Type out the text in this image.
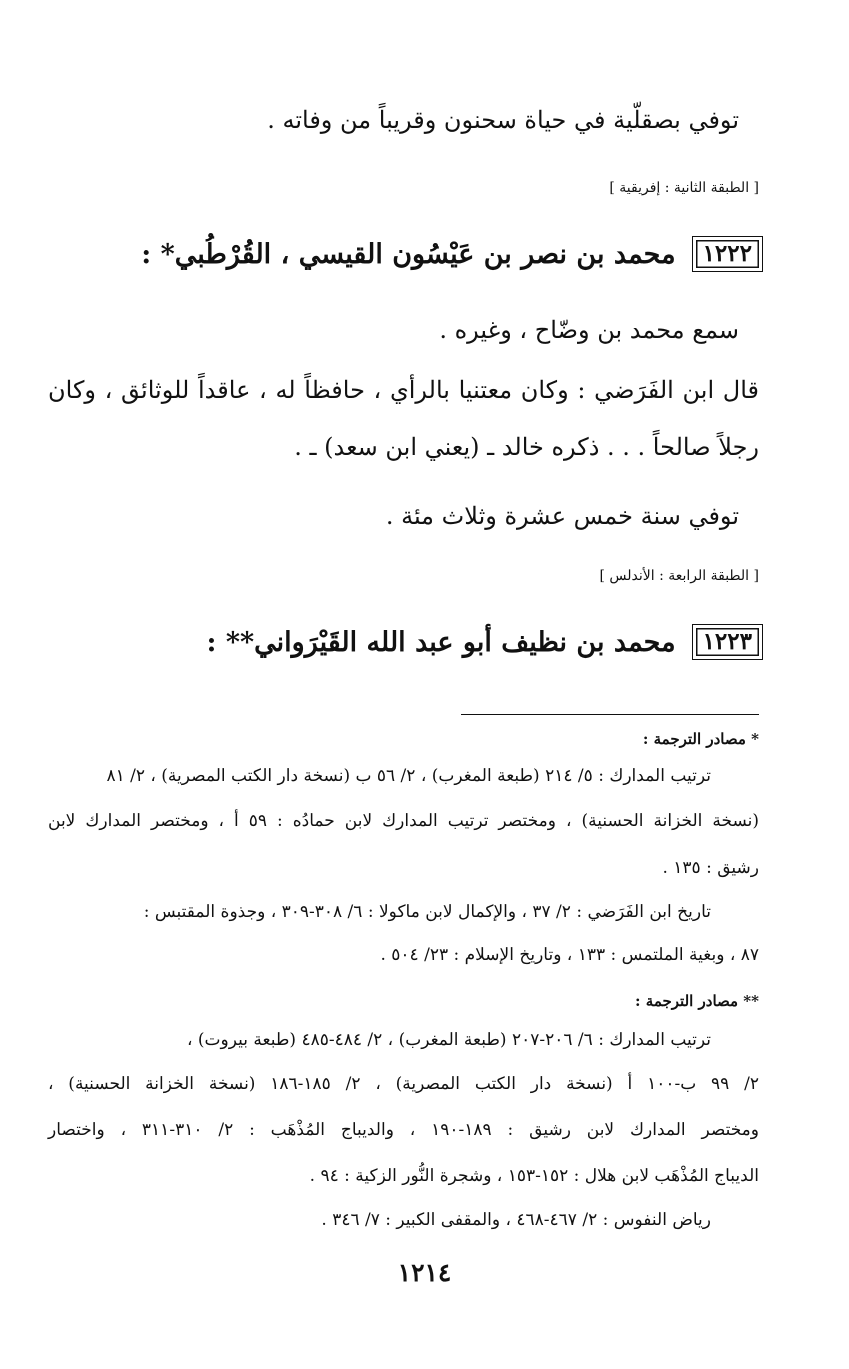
توفي بصقلّية في حياة سحنون وقريباً من وفاته .
[ الطبقة الثانية : إفريقية ]
١٢٢٢
محمد بن نصر بن عَيْسُون القيسي ، القُرْطُبي* :
سمع محمد بن وضّاح ، وغيره .
قال ابن الفَرَضي : وكان معتنيا بالرأي ، حافظاً له ، عاقداً للوثائق ، وكان
رجلاً صالحاً . . . ذكره خالد ـ (يعني ابن سعد) ـ .
توفي سنة خمس عشرة وثلاث مئة .
[ الطبقة الرابعة : الأندلس ]
١٢٢٣
محمد بن نظيف أبو عبد الله القَيْرَواني** :
* مصادر الترجمة :
ترتيب المدارك : ٥/ ٢١٤ (طبعة المغرب) ، ٢/ ٥٦ ب (نسخة دار الكتب المصرية) ، ٢/ ٨١
(نسخة الخزانة الحسنية) ، ومختصر ترتيب المدارك لابن حمادُه : ٥٩ أ ، ومختصر المدارك لابن
رشيق : ١٣٥ .
تاريخ ابن الفَرَضي : ٢/ ٣٧ ، والإكمال لابن ماكولا : ٦/ ٣٠٨-٣٠٩ ، وجذوة المقتبس :
٨٧ ، وبغية الملتمس : ١٣٣ ، وتاريخ الإسلام : ٢٣/ ٥٠٤ .
** مصادر الترجمة :
ترتيب المدارك : ٦/ ٢٠٦-٢٠٧ (طبعة المغرب) ، ٢/ ٤٨٤-٤٨٥ (طبعة بيروت) ،
٢/ ٩٩ ب-١٠٠ أ (نسخة دار الكتب المصرية) ، ٢/ ١٨٥-١٨٦ (نسخة الخزانة الحسنية) ،
ومختصر المدارك لابن رشيق : ١٨٩-١٩٠ ، والديباج المُذْهَب : ٢/ ٣١٠-٣١١ ، واختصار
الديباج المُذْهَب لابن هلال : ١٥٢-١٥٣ ، وشجرة النُّور الزكية : ٩٤ .
رياض النفوس : ٢/ ٤٦٧-٤٦٨ ، والمقفى الكبير : ٧/ ٣٤٦ .
١٢١٤
